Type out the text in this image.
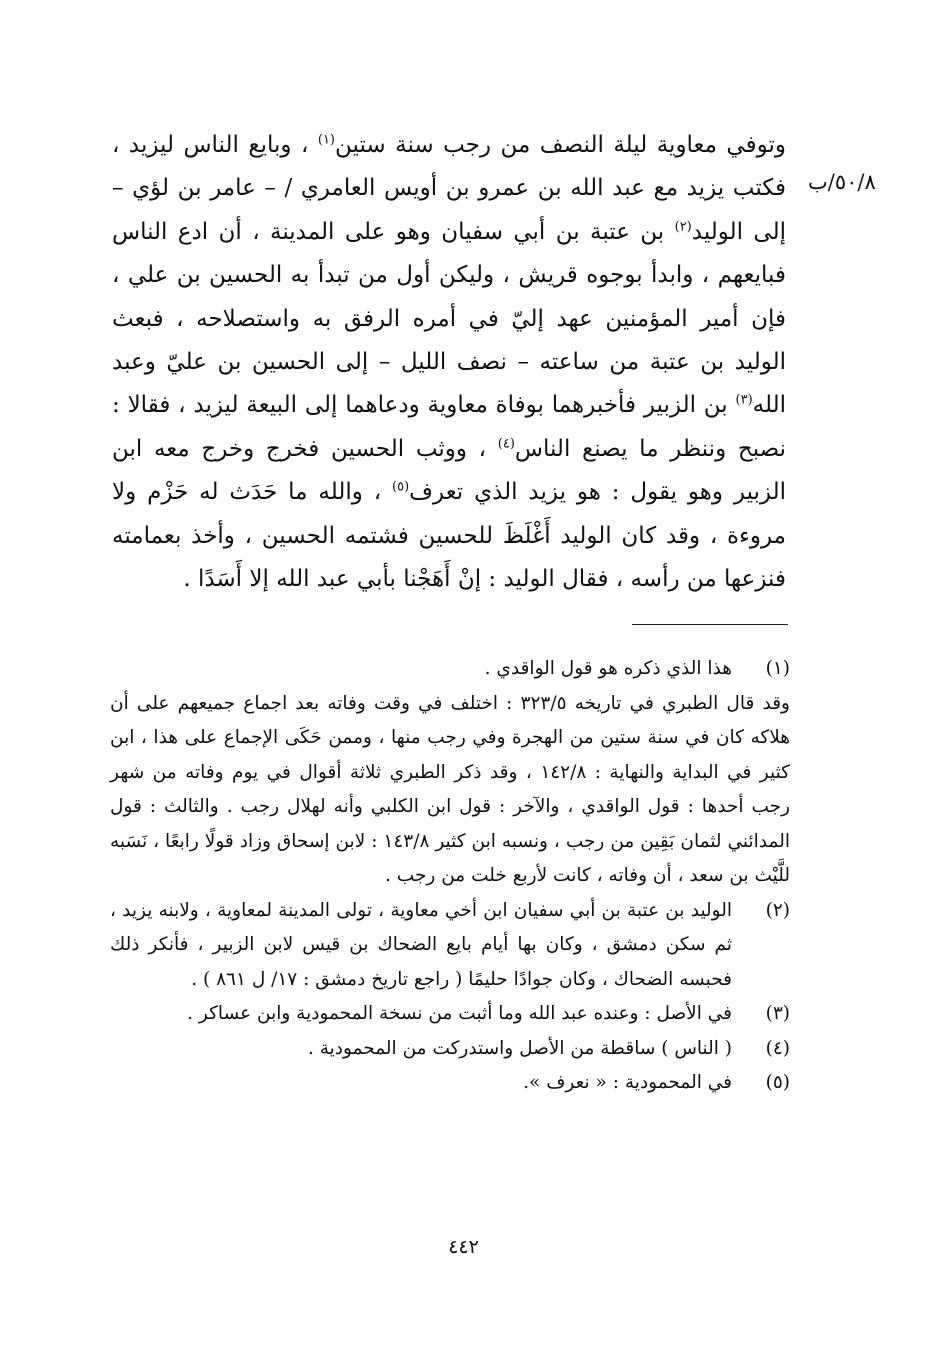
٥٠/٨/ب

وتوفي معاوية ليلة النصف من رجب سنة ستين$^{(١)}$ ، وبايع الناس ليزيد ، فكتب يزيد مع عبد الله بن عمرو بن أويس العامري / – عامر بن لؤي – إلى الوليد$^{(٢)}$ بن عتبة بن أبي سفيان وهو على المدينة ، أن ادع الناس فبايعهم ، وابدأ بوجوه قريش ، وليكن أول من تبدأ به الحسين بن علي ، فإن أمير المؤمنين عهد إليّ في أمره الرفق به واستصلاحه ، فبعث الوليد بن عتبة من ساعته – نصف الليل – إلى الحسين بن عليّ وعبد الله$^{(٣)}$ بن الزبير فأخبرهما بوفاة معاوية ودعاهما إلى البيعة ليزيد ، فقالا : نصبح وننظر ما يصنع الناس$^{(٤)}$ ، ووثب الحسين فخرج وخرج معه ابن الزبير وهو يقول : هو يزيد الذي تعرف$^{(٥)}$ ، والله ما حَدَث له حَزْم ولا مروءة ، وقد كان الوليد أَغْلَظَ للحسين فشتمه الحسين ، وأخذ بعمامته فنزعها من رأسه ، فقال الوليد : إنْ أَهَجْنا بأبي عبد الله إلا أَسَدًا .

(١)

هذا الذي ذكره هو قول الواقدي .

وقد قال الطبري في تاريخه ٣٢٣/٥ : اختلف في وقت وفاته بعد اجماع جميعهم على أن هلاكه كان في سنة ستين من الهجرة وفي رجب منها ، وممن حَكَى الإجماع على هذا ، ابن كثير في البداية والنهاية : ١٤٢/٨ ، وقد ذكر الطبري ثلاثة أقوال في يوم وفاته من شهر رجب أحدها : قول الواقدي ، والآخر : قول ابن الكلبي وأنه لهلال رجب . والثالث : قول المدائني لثمان بَقِين من رجب ، ونسبه ابن كثير ١٤٣/٨ : لابن إسحاق وزاد قولًا رابعًا ، نَسَبه للَّيْث بن سعد ، أن وفاته ، كانت لأربع خلت من رجب .

(٢)

الوليد بن عتبة بن أبي سفيان ابن أخي معاوية ، تولى المدينة لمعاوية ، ولابنه يزيد ، ثم سكن دمشق ، وكان بها أيام بايع الضحاك بن قيس لابن الزبير ، فأنكر ذلك فحبسه الضحاك ، وكان جوادًا حليمًا ( راجع تاريخ دمشق : ١٧/ ل ٨٦١ ) .

(٣)

في الأصل : وعنده عبد الله وما أثبت من نسخة المحمودية وابن عساكر .

(٤)

( الناس ) ساقطة من الأصل واستدركت من المحمودية .

(٥)

في المحمودية : « نعرف ».

٤٤٢
